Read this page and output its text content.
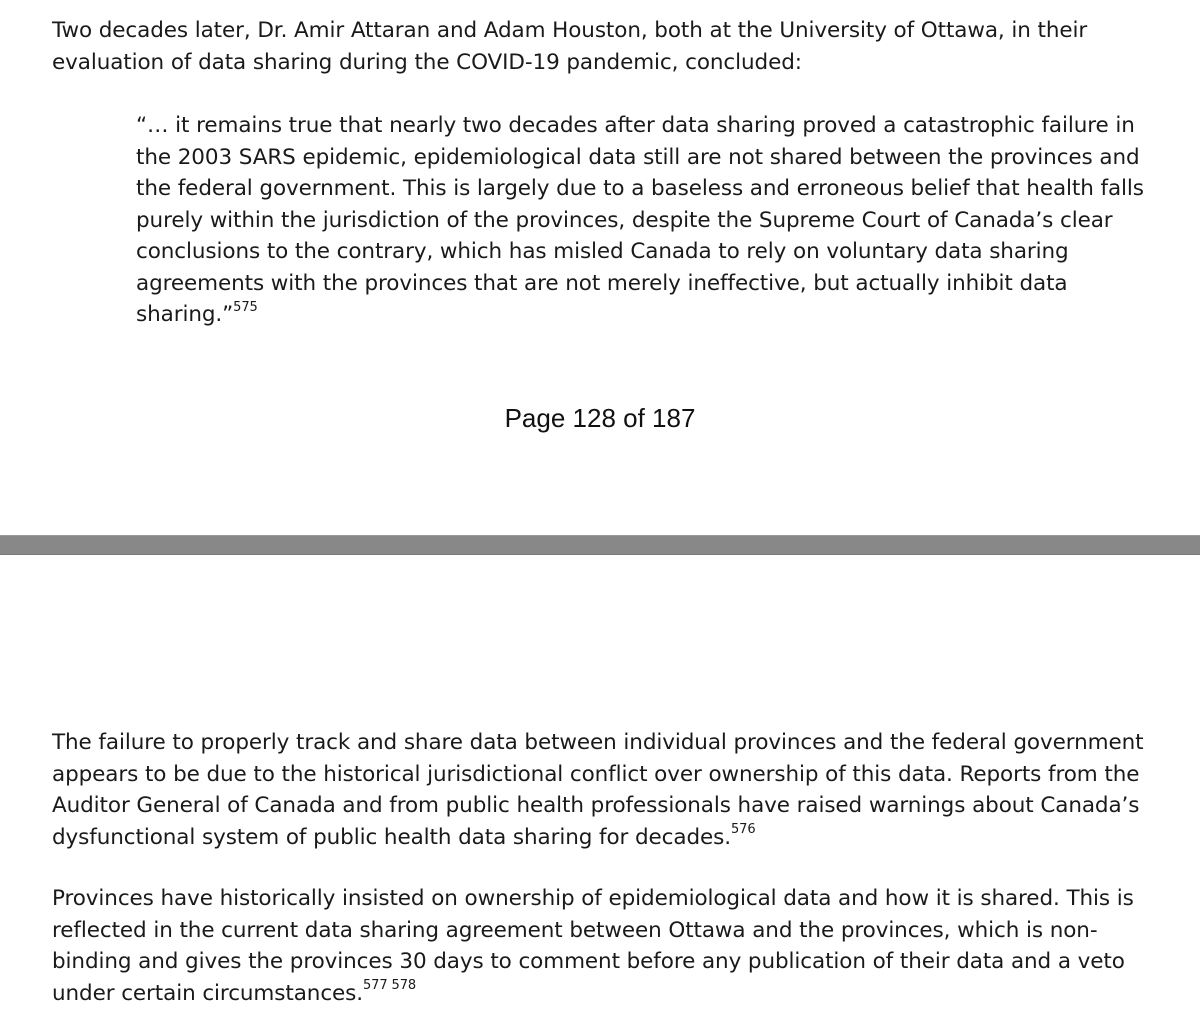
Two decades later, Dr. Amir Attaran and Adam Houston, both at the University of Ottawa, in their evaluation of data sharing during the COVID-19 pandemic, concluded:

“… it remains true that nearly two decades after data sharing proved a catastrophic failure in the 2003 SARS epidemic, epidemiological data still are not shared between the provinces and the federal government. This is largely due to a baseless and erroneous belief that health falls purely within the jurisdiction of the provinces, despite the Supreme Court of Canada’s clear conclusions to the contrary, which has misled Canada to rely on voluntary data sharing agreements with the provinces that are not merely ineffective, but actually inhibit data sharing.”$^{575}$

Page 128 of 187

The failure to properly track and share data between individual provinces and the federal government appears to be due to the historical jurisdictional conflict over ownership of this data. Reports from the Auditor General of Canada and from public health professionals have raised warnings about Canada’s dysfunctional system of public health data sharing for decades.$^{576}$

Provinces have historically insisted on ownership of epidemiological data and how it is shared. This is reflected in the current data sharing agreement between Ottawa and the provinces, which is non-binding and gives the provinces 30 days to comment before any publication of their data and a veto under certain circumstances.$^{577 578}$
